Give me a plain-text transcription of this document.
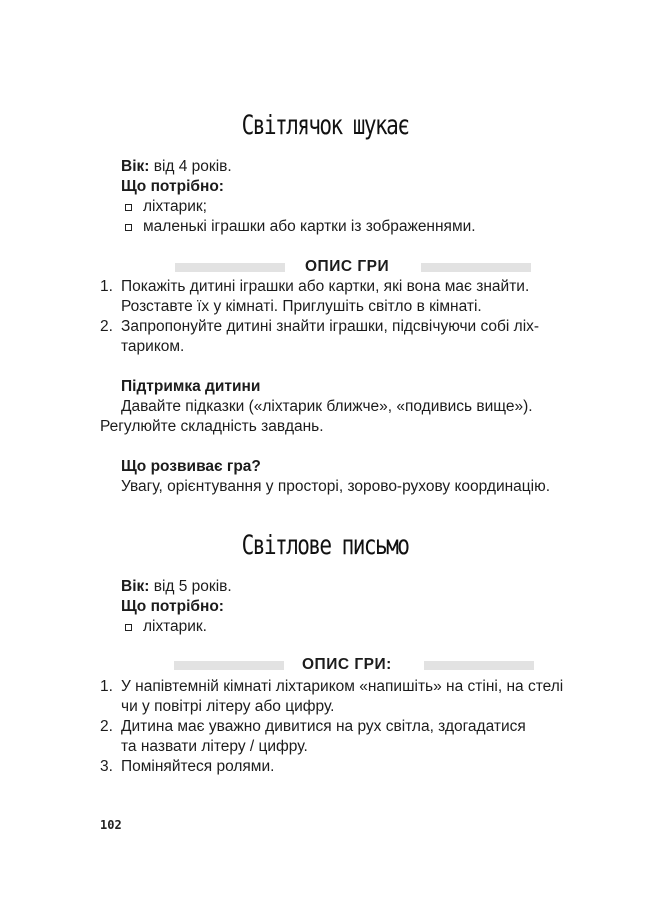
Світлячок шукає
Вік: від 4 років.
Що потрібно:
ліхтарик;
маленькі іграшки або картки із зображеннями.
ОПИС ГРИ
1. Покажіть дитині іграшки або картки, які вона має знайти.
Розставте їх у кімнаті. Приглушіть світло в кімнаті.
2. Запропонуйте дитині знайти іграшки, підсвічуючи собі ліх-
тариком.
Підтримка дитини
Давайте підказки («ліхтарик ближче», «подивись вище»).
Регулюйте складність завдань.
Що розвиває гра?
Увагу, орієнтування у просторі, зорово-рухову координацію.
Світлове письмо
Вік: від 5 років.
Що потрібно:
ліхтарик.
ОПИС ГРИ:
1. У напівтемній кімнаті ліхтариком «напишіть» на стіні, на стелі
чи у повітрі літеру або цифру.
2. Дитина має уважно дивитися на рух світла, здогадатися
та назвати літеру / цифру.
3. Поміняйтеся ролями.
102
